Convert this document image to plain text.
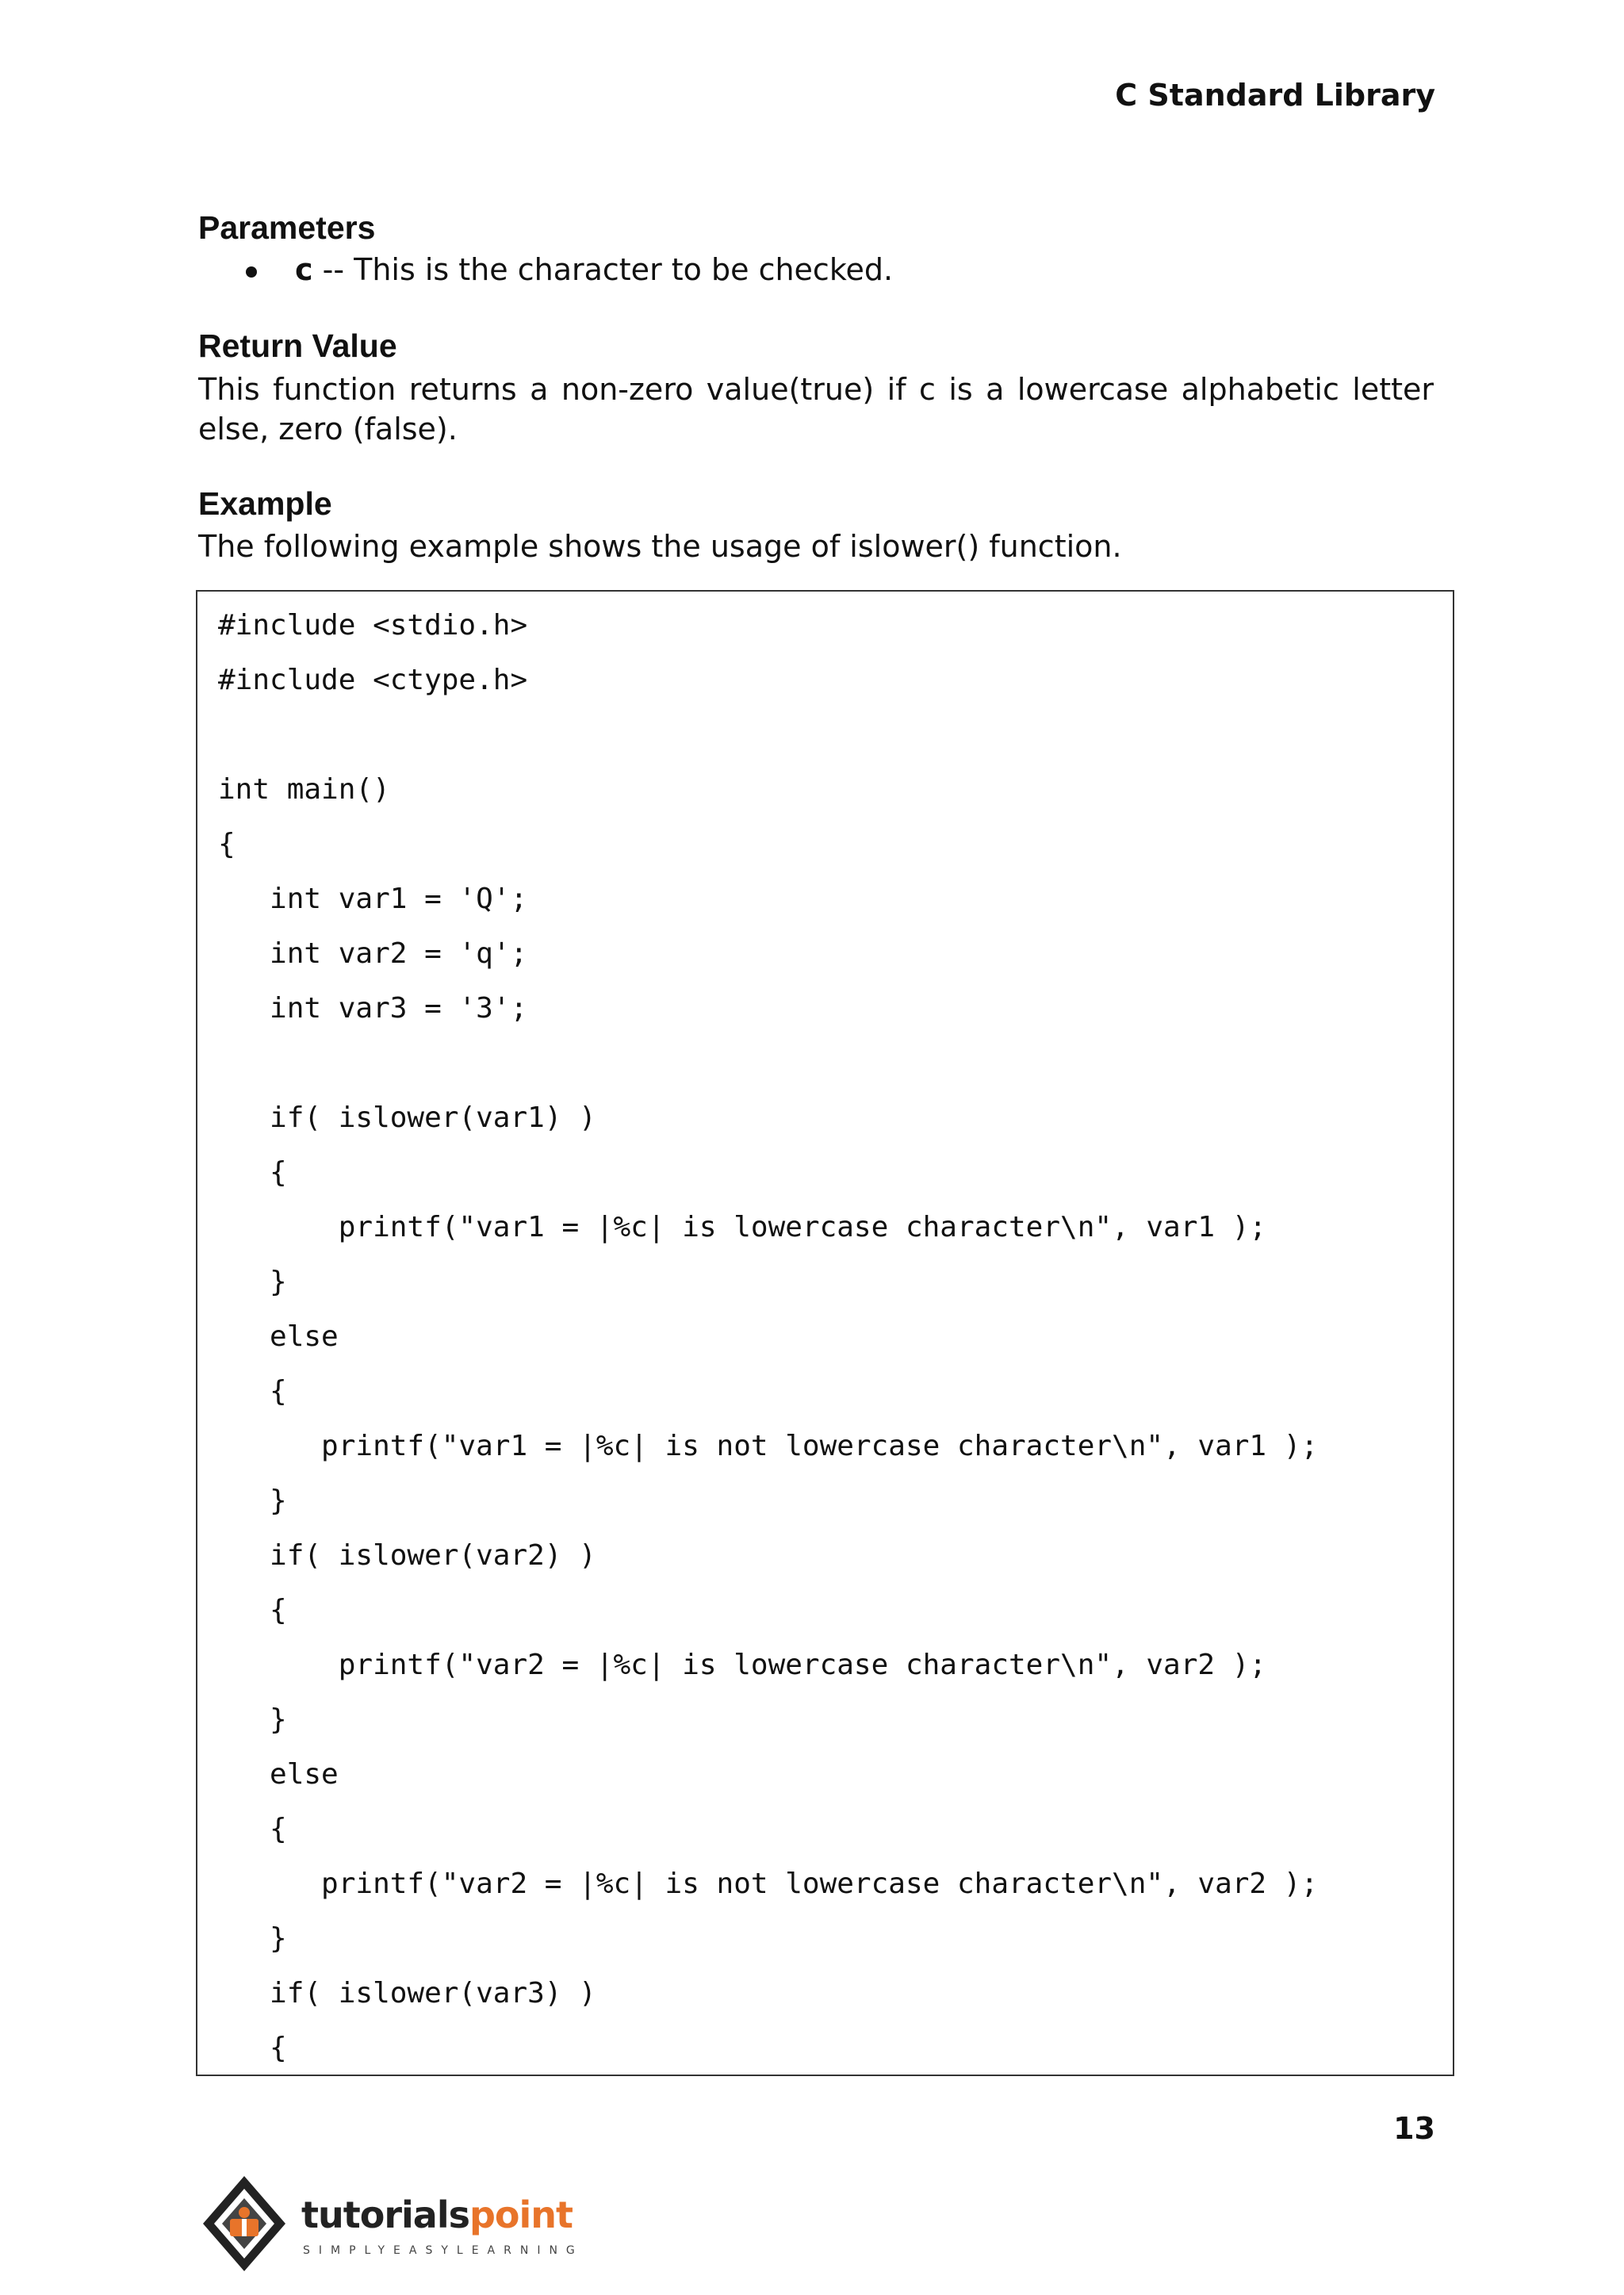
C Standard Library
Parameters
c -- This is the character to be checked.
Return Value

This function returns a non-zero value(true) if c is a lowercase alphabetic letter else, zero (false).

Example

The following example shows the usage of islower() function.

#include <stdio.h>
#include <ctype.h>
int main()
{
int var1 = 'Q';
int var2 = 'q';
int var3 = '3';
if( islower(var1) )
{
printf("var1 = |%c| is lowercase character\n", var1 );
}
else
{
printf("var1 = |%c| is not lowercase character\n", var1 );
}
if( islower(var2) )
{
printf("var2 = |%c| is lowercase character\n", var2 );
}
else
{
printf("var2 = |%c| is not lowercase character\n", var2 );
}
if( islower(var3) )
{
13
tutorialspoint
SIMPLYEASYLEARNING
